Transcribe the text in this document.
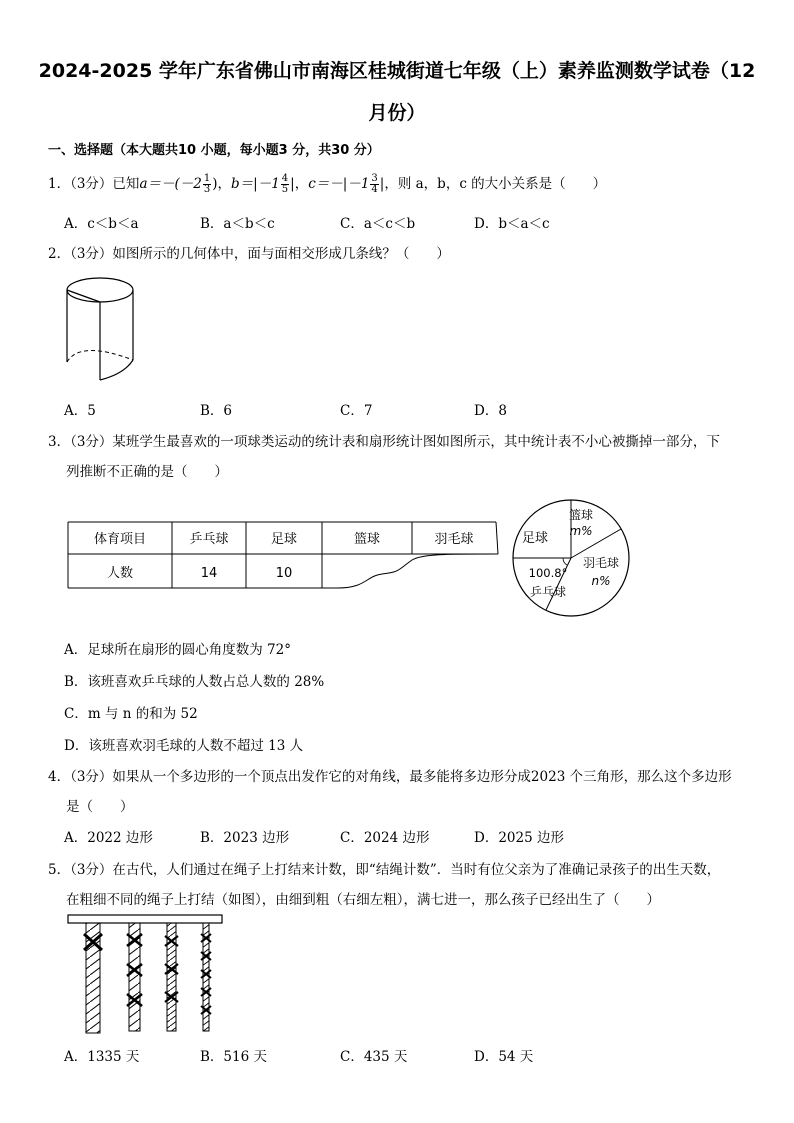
2024-2025 学年广东省佛山市南海区桂城街道七年级（上）素养监测数学试卷（12
月份）
一、选择题（本大题共10 小题，每小题3 分，共30 分）
1．（3分）已知$a=-(-2 \frac{1}{3}$ )，$b=|-1 \frac{4}{5}$ |，$c=-|-1 \frac{3}{4}$ |，则 a，b，c 的大小关系是（　　）
A．c＜b＜a	B．a＜b＜c	C．a＜c＜b	D．b＜a＜c
2．（3分）如图所示的几何体中，面与面相交形成几条线？（　　）
A．5	B．6	C．7	D．8
3．（3分）某班学生最喜欢的一项球类运动的统计表和扇形统计图如图所示，其中统计表不小心被撕掉一部分，下
列推断不正确的是（　　）
体育项目	乒乓球	足球	篮球	羽毛球
人数	14	10
足球
篮球
m%
羽毛球
n%
100.8°
乒乓球
A．足球所在扇形的圆心角度数为 72°
B．该班喜欢乒乓球的人数占总人数的 28%
C．m 与 n 的和为 52
D．该班喜欢羽毛球的人数不超过 13 人
4．（3分）如果从一个多边形的一个顶点出发作它的对角线，最多能将多边形分成2023 个三角形，那么这个多边形
是（　　）
A．2022 边形	B．2023 边形	C．2024 边形	D．2025 边形
5．（3分）在古代，人们通过在绳子上打结来计数，即“结绳计数”．当时有位父亲为了准确记录孩子的出生天数，
在粗细不同的绳子上打结（如图），由细到粗（右细左粗），满七进一，那么孩子已经出生了（　　）
A．1335 天	B．516 天	C．435 天	D．54 天
